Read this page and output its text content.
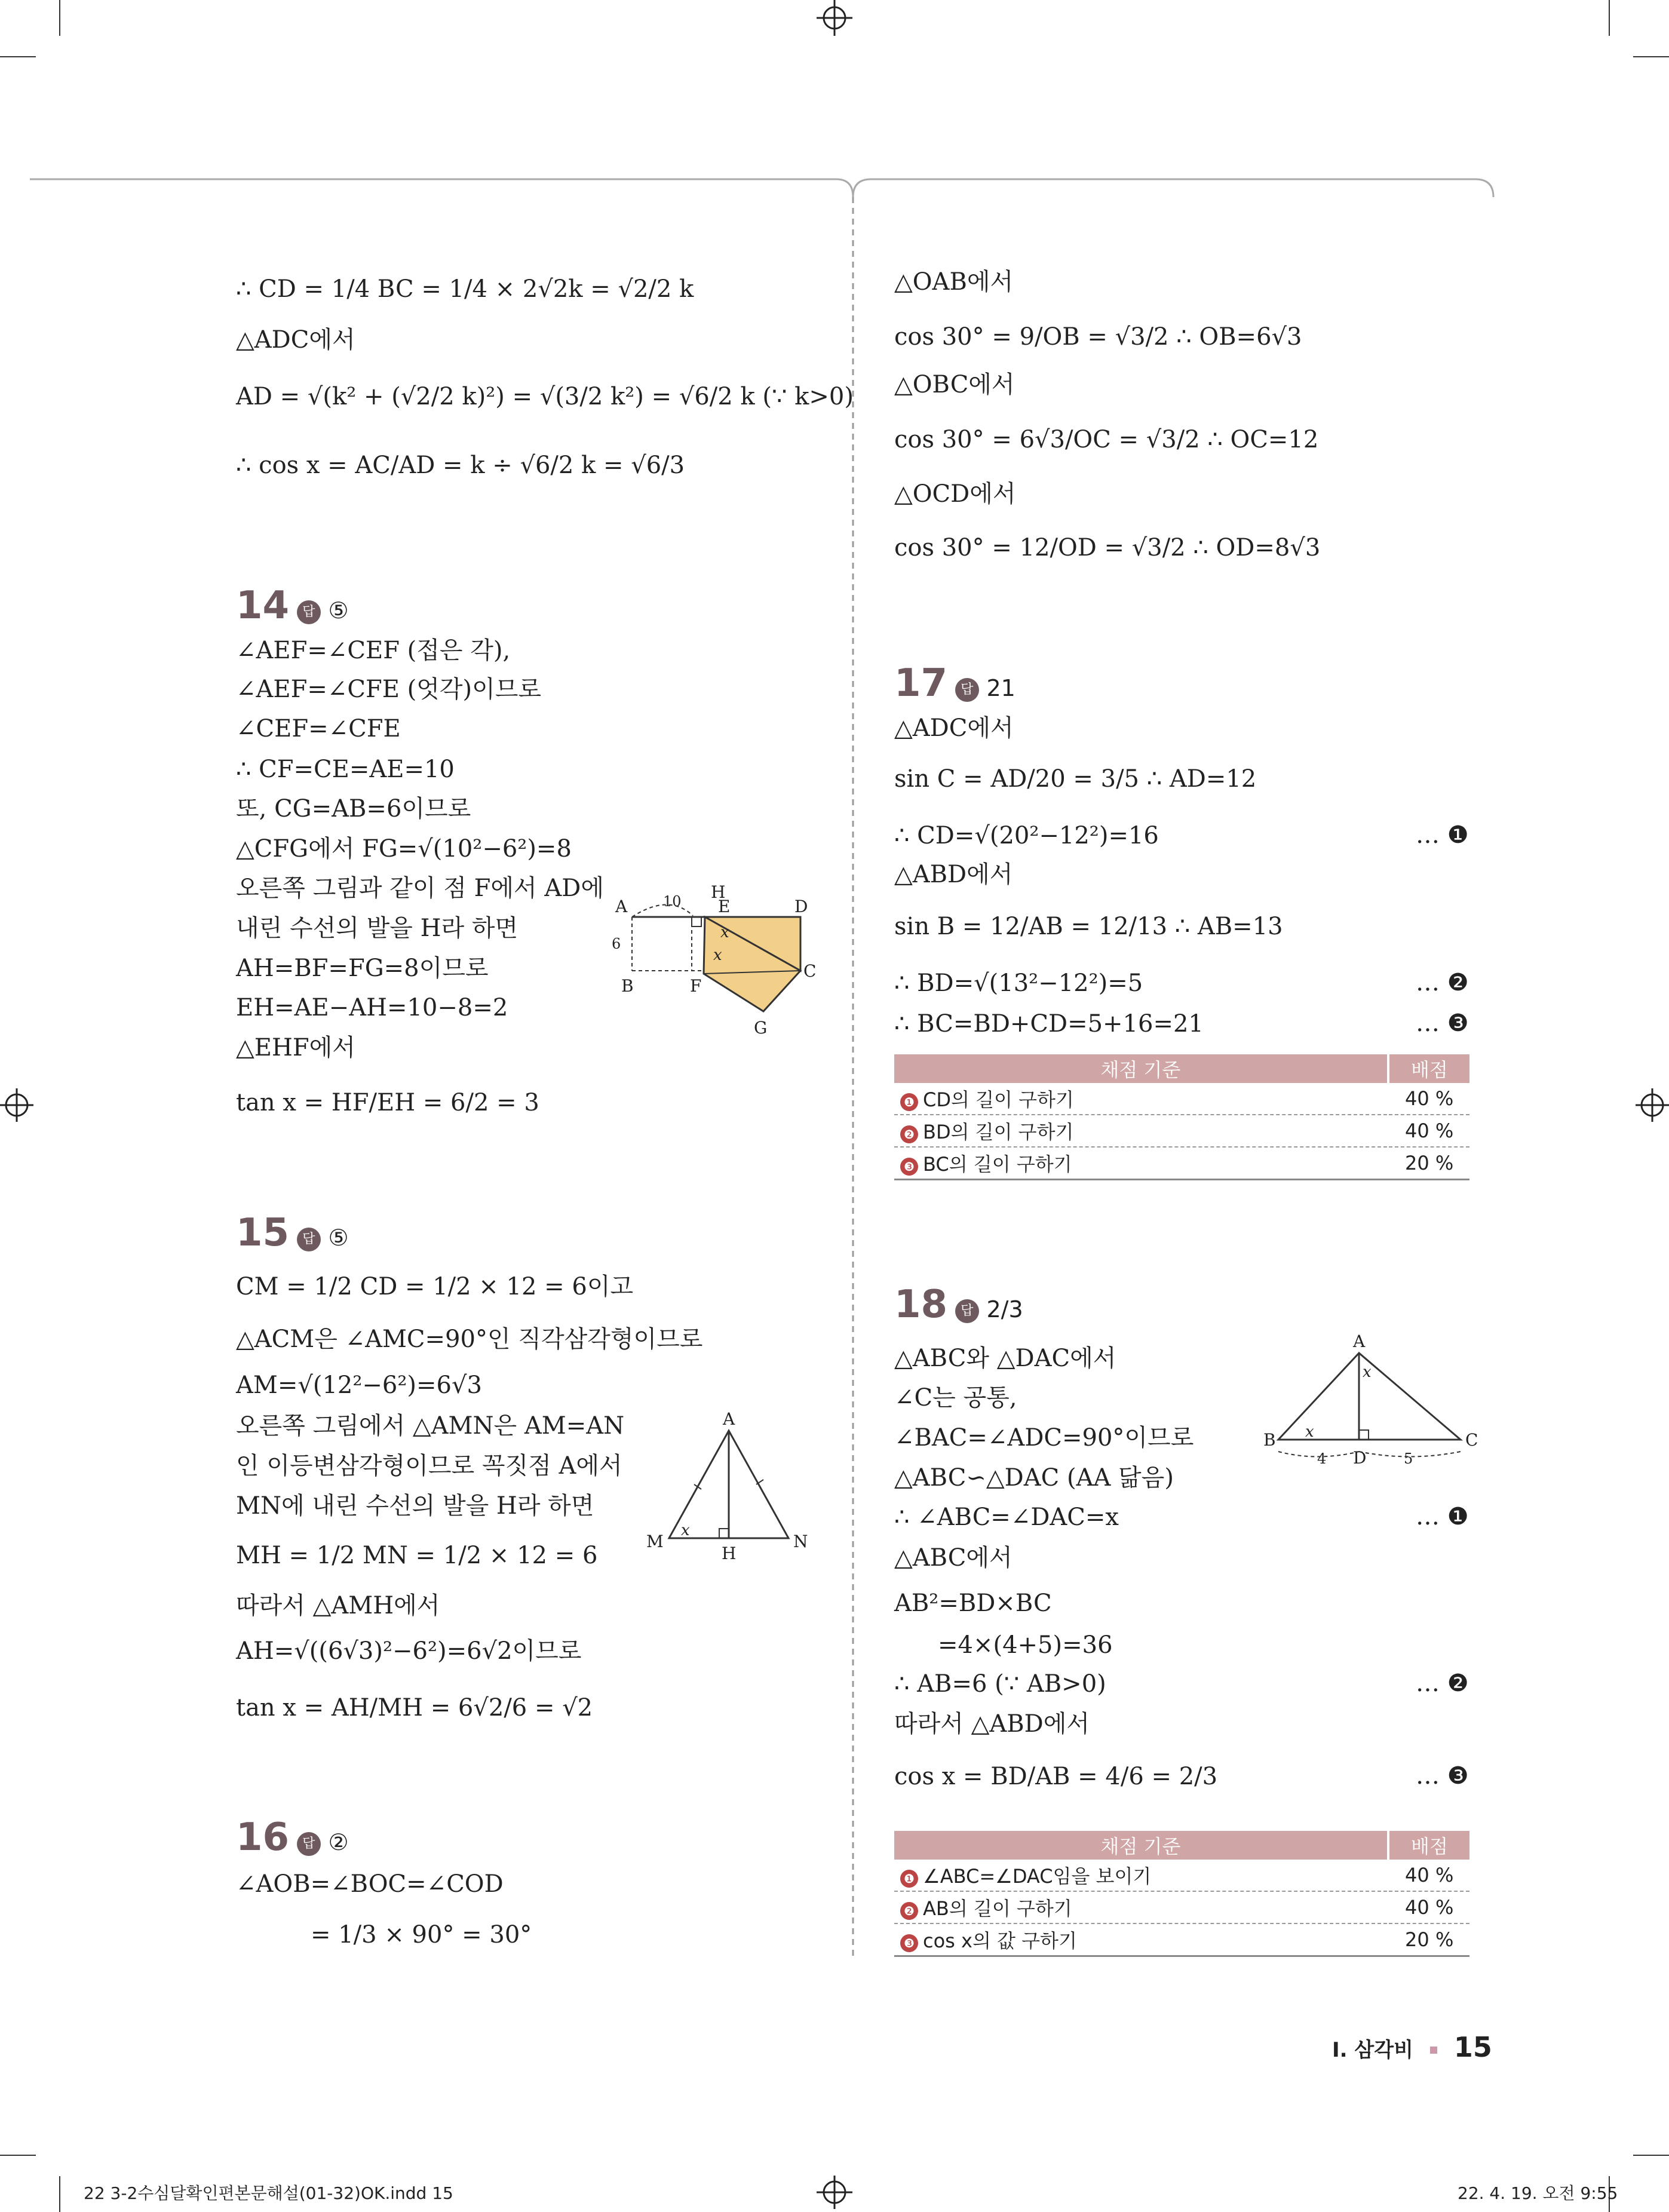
∴ CD = 1/4 BC = 1/4 × 2√2k = √2/2 k
△ADC에서
AD = √(k² + (√2/2 k)²) = √(3/2 k²) = √6/2 k (∵ k>0)
∴ cos x = AC/AD = k ÷ √6/2 k = √6/3
14 답 ⑤
∠AEF=∠CEF (접은 각),
∠AEF=∠CFE (엇각)이므로
∠CEF=∠CFE
∴ CF=CE=AE=10
또, CG=AB=6이므로
△CFG에서 FG=√(10²−6²)=8
오른쪽 그림과 같이 점 F에서 AD에
내린 수선의 발을 H라 하면
AH=BF=FG=8이므로
EH=AE−AH=10−8=2
△EHF에서
tan x = HF/EH = 6/2 = 3
A 10 H
E	D
6
x
x
B	F
C
G
15 답 ⑤
CM = 1/2 CD = 1/2 × 12 = 6이고
△ACM은 ∠AMC=90°인 직각삼각형이므로
AM=√(12²−6²)=6√3
오른쪽 그림에서 △AMN은 AM=AN
인 이등변삼각형이므로 꼭짓점 A에서
MN에 내린 수선의 발을 H라 하면
MH = 1/2 MN = 1/2 × 12 = 6
따라서 △AMH에서
AH=√((6√3)²−6²)=6√2이므로
tan x = AH/MH = 6√2/6 = √2
A
M
x
H
N
16 답 ②
∠AOB=∠BOC=∠COD
= 1/3 × 90° = 30°
△OAB에서
cos 30° = 9/OB = √3/2 ∴ OB=6√3
△OBC에서
cos 30° = 6√3/OC = √3/2 ∴ OC=12
△OCD에서
cos 30° = 12/OD = √3/2 ∴ OD=8√3
17 답 21
△ADC에서
sin C = AD/20 = 3/5 ∴ AD=12
∴ CD=√(20²−12²)=16
△ABD에서
sin B = 12/AB = 12/13 ∴ AB=13
∴ BD=√(13²−12²)=5
∴ BC=BD+CD=5+16=21
… ❶
… ❷
… ❸
채점 기준	배점
❶ CD의 길이 구하기	40 %
❷ BD의 길이 구하기	40 %
❸ BC의 길이 구하기	20 %
18 답 2/3
△ABC와 △DAC에서
∠C는 공통,
∠BAC=∠ADC=90°이므로
△ABC∽△DAC (AA 닮음)
∴ ∠ABC=∠DAC=x
△ABC에서
AB²=BD×BC
=4×(4+5)=36
∴ AB=6 (∵ AB>0)
따라서 △ABD에서
cos x = BD/AB = 4/6 = 2/3
… ❶
… ❷
… ❸
A
x
B x	C
4 D	5
채점 기준	배점
❶ ∠ABC=∠DAC임을 보이기	40 %
❷ AB의 길이 구하기	40 %
❸ cos x의 값 구하기	20 %
I. 삼각비 15
22 3-2수심달확인편본문해설(01-32)OK.indd 15	22. 4. 19. 오전 9:55
